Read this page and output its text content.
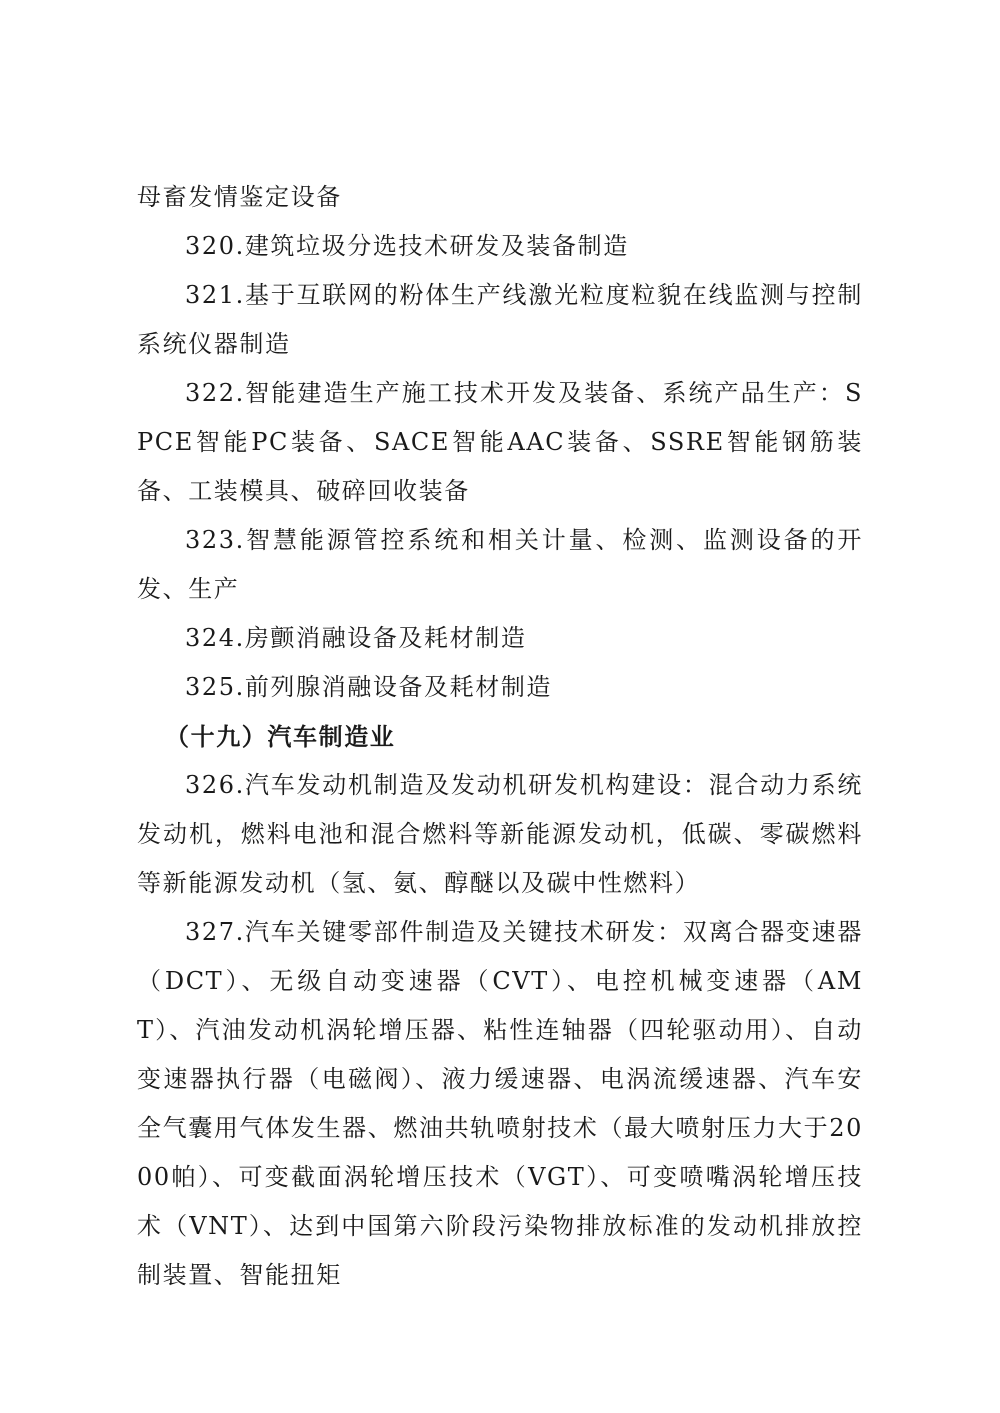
母畜发情鉴定设备

320.建筑垃圾分选技术研发及装备制造

321.基于互联网的粉体生产线激光粒度粒貌在线监测与控制系统仪器制造

322.智能建造生产施工技术开发及装备、系统产品生产：SPCE智能PC装备、SACE智能AAC装备、SSRE智能钢筋装备、工装模具、破碎回收装备

323.智慧能源管控系统和相关计量、检测、监测设备的开发、生产

324.房颤消融设备及耗材制造

325.前列腺消融设备及耗材制造

（十九）汽车制造业

326.汽车发动机制造及发动机研发机构建设：混合动力系统发动机，燃料电池和混合燃料等新能源发动机，低碳、零碳燃料等新能源发动机（氢、氨、醇醚以及碳中性燃料）

327.汽车关键零部件制造及关键技术研发：双离合器变速器（DCT）、无级自动变速器（CVT）、电控机械变速器（AMT）、汽油发动机涡轮增压器、粘性连轴器（四轮驱动用）、自动变速器执行器（电磁阀）、液力缓速器、电涡流缓速器、汽车安全气囊用气体发生器、燃油共轨喷射技术（最大喷射压力大于2000帕）、可变截面涡轮增压技术（VGT）、可变喷嘴涡轮增压技术（VNT）、达到中国第六阶段污染物排放标准的发动机排放控制装置、智能扭矩
